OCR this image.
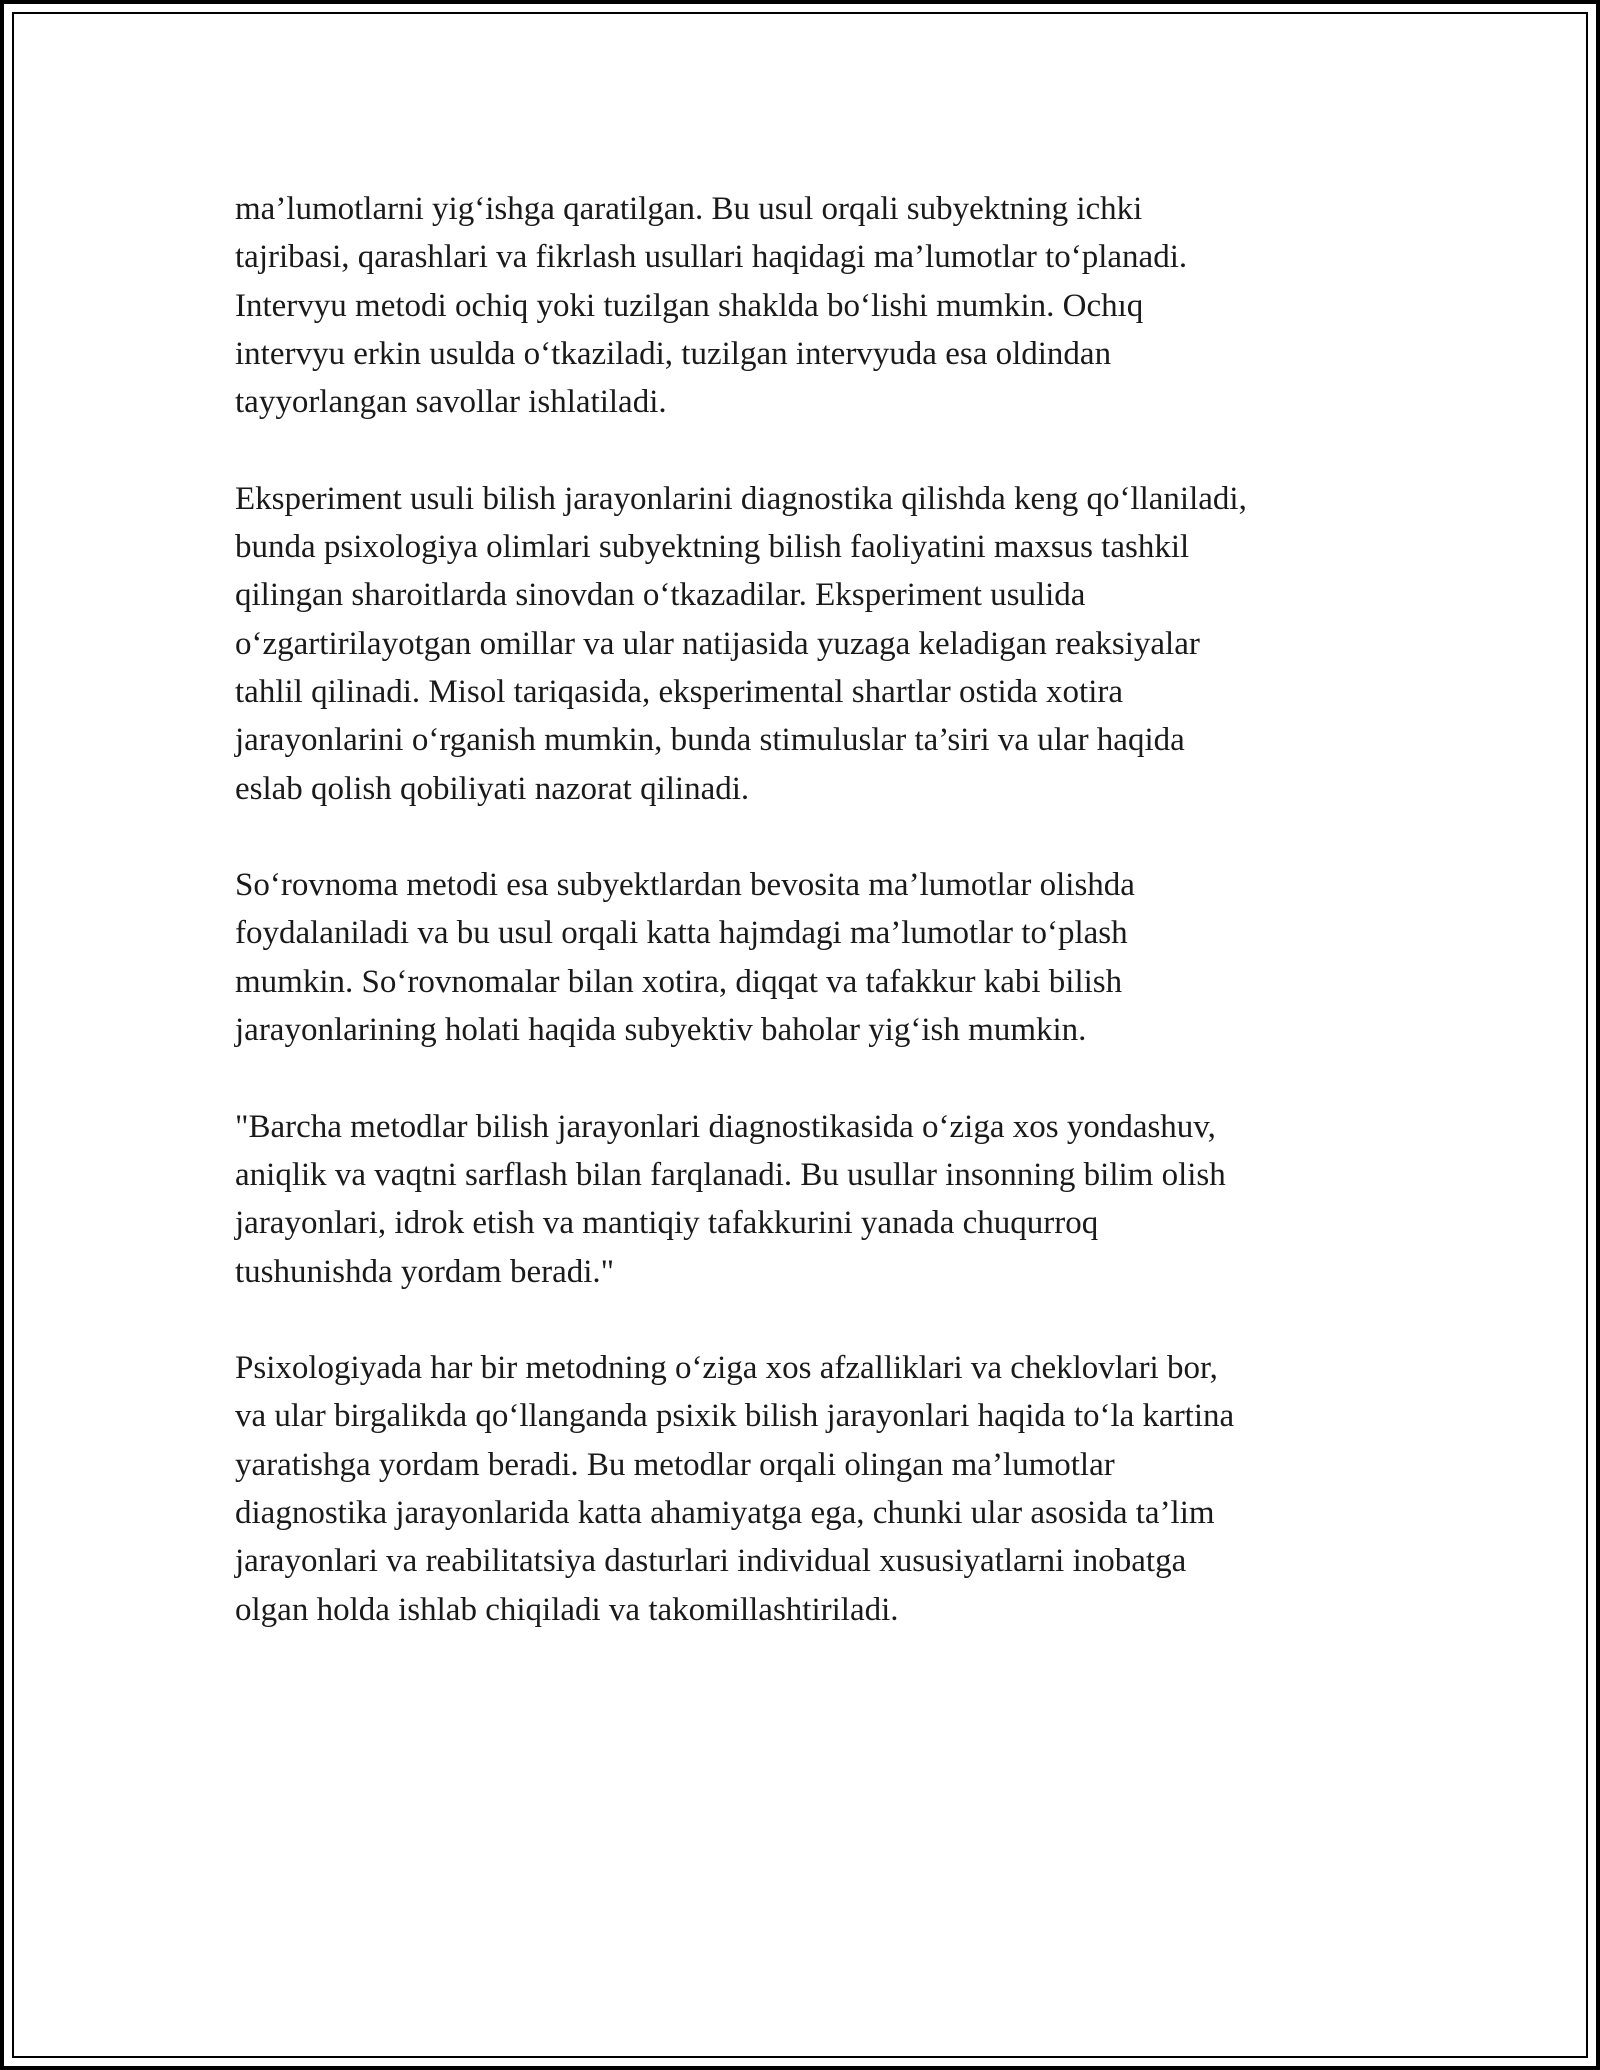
ma’lumotlarni yig‘ishga qaratilgan. Bu usul orqali subyektning ichki
tajribasi, qarashlari va fikrlash usullari haqidagi ma’lumotlar to‘planadi.
Intervyu metodi ochiq yoki tuzilgan shaklda bo‘lishi mumkin. Ochıq
intervyu erkin usulda o‘tkaziladi, tuzilgan intervyuda esa oldindan
tayyorlangan savollar ishlatiladi.

Eksperiment usuli bilish jarayonlarini diagnostika qilishda keng qo‘llaniladi,
bunda psixologiya olimlari subyektning bilish faoliyatini maxsus tashkil
qilingan sharoitlarda sinovdan o‘tkazadilar. Eksperiment usulida
o‘zgartirilayotgan omillar va ular natijasida yuzaga keladigan reaksiyalar
tahlil qilinadi. Misol tariqasida, eksperimental shartlar ostida xotira
jarayonlarini o‘rganish mumkin, bunda stimuluslar ta’siri va ular haqida
eslab qolish qobiliyati nazorat qilinadi.

So‘rovnoma metodi esa subyektlardan bevosita ma’lumotlar olishda
foydalaniladi va bu usul orqali katta hajmdagi ma’lumotlar to‘plash
mumkin. So‘rovnomalar bilan xotira, diqqat va tafakkur kabi bilish
jarayonlarining holati haqida subyektiv baholar yig‘ish mumkin.

"Barcha metodlar bilish jarayonlari diagnostikasida o‘ziga xos yondashuv,
aniqlik va vaqtni sarflash bilan farqlanadi. Bu usullar insonning bilim olish
jarayonlari, idrok etish va mantiqiy tafakkurini yanada chuqurroq
tushunishda yordam beradi."

Psixologiyada har bir metodning o‘ziga xos afzalliklari va cheklovlari bor,
va ular birgalikda qo‘llanganda psixik bilish jarayonlari haqida to‘la kartina
yaratishga yordam beradi. Bu metodlar orqali olingan ma’lumotlar
diagnostika jarayonlarida katta ahamiyatga ega, chunki ular asosida ta’lim
jarayonlari va reabilitatsiya dasturlari individual xususiyatlarni inobatga
olgan holda ishlab chiqiladi va takomillashtiriladi.
